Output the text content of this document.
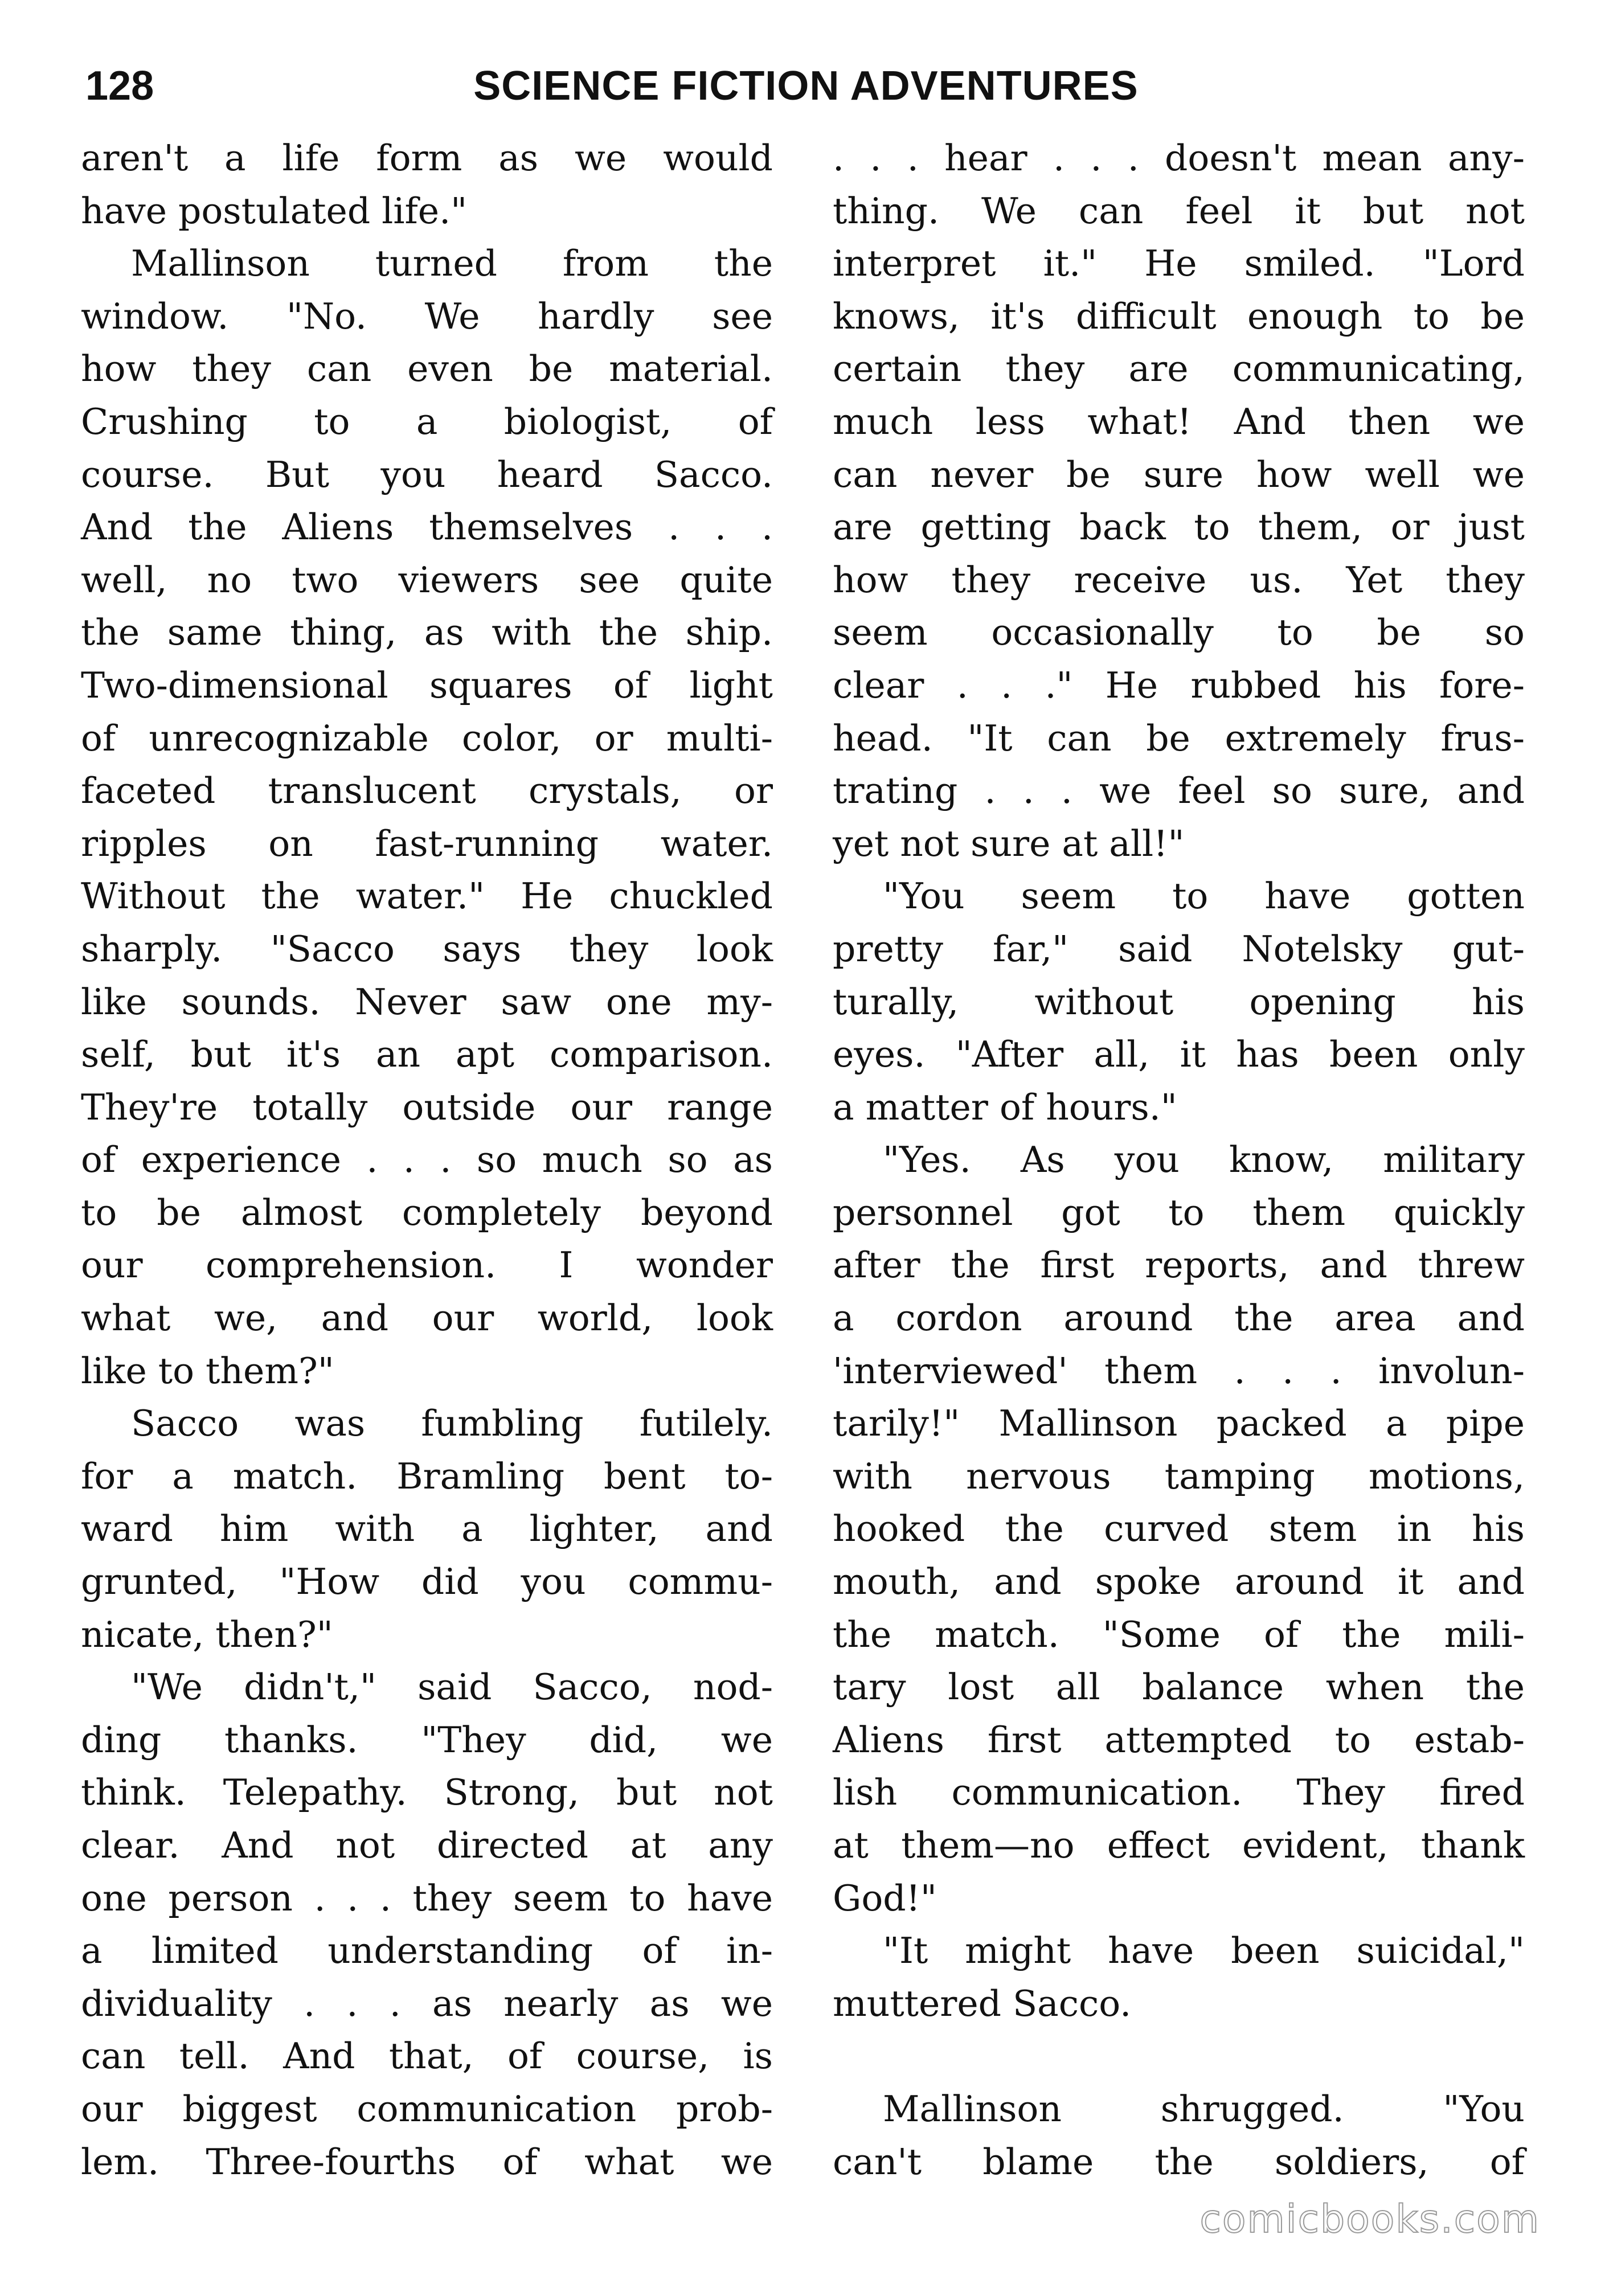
128	SCIENCE FICTION ADVENTURES
aren't a life form as we would
have postulated life."
Mallinson turned from the
window. "No. We hardly see
how they can even be material.
Crushing to a biologist, of
course. But you heard Sacco.
And the Aliens themselves . . .
well, no two viewers see quite
the same thing, as with the ship.
Two-dimensional squares of light
of unrecognizable color, or multi-
faceted translucent crystals, or
ripples on fast-running water.
Without the water." He chuckled
sharply. "Sacco says they look
like sounds. Never saw one my-
self, but it's an apt comparison.
They're totally outside our range
of experience . . . so much so as
to be almost completely beyond
our comprehension. I wonder
what we, and our world, look
like to them?"
Sacco was fumbling futilely.
for a match. Bramling bent to-
ward him with a lighter, and
grunted, "How did you commu-
nicate, then?"
"We didn't," said Sacco, nod-
ding thanks. "They did, we
think. Telepathy. Strong, but not
clear. And not directed at any
one person . . . they seem to have
a limited understanding of in-
dividuality . . . as nearly as we
can tell. And that, of course, is
our biggest communication prob-
lem. Three-fourths of what we
. . . hear . . . doesn't mean any-
thing. We can feel it but not
interpret it." He smiled. "Lord
knows, it's difficult enough to be
certain they are communicating,
much less what! And then we
can never be sure how well we
are getting back to them, or just
how they receive us. Yet they
seem occasionally to be so
clear . . ." He rubbed his fore-
head. "It can be extremely frus-
trating . . . we feel so sure, and
yet not sure at all!"
"You seem to have gotten
pretty far," said Notelsky gut-
turally, without opening his
eyes. "After all, it has been only
a matter of hours."
"Yes. As you know, military
personnel got to them quickly
after the first reports, and threw
a cordon around the area and
'interviewed' them . . . involun-
tarily!" Mallinson packed a pipe
with nervous tamping motions,
hooked the curved stem in his
mouth, and spoke around it and
the match. "Some of the mili-
tary lost all balance when the
Aliens first attempted to estab-
lish communication. They fired
at them—no effect evident, thank
God!"
"It might have been suicidal,"
muttered Sacco.
Mallinson shrugged. "You
can't blame the soldiers, of
comicbooks.com
